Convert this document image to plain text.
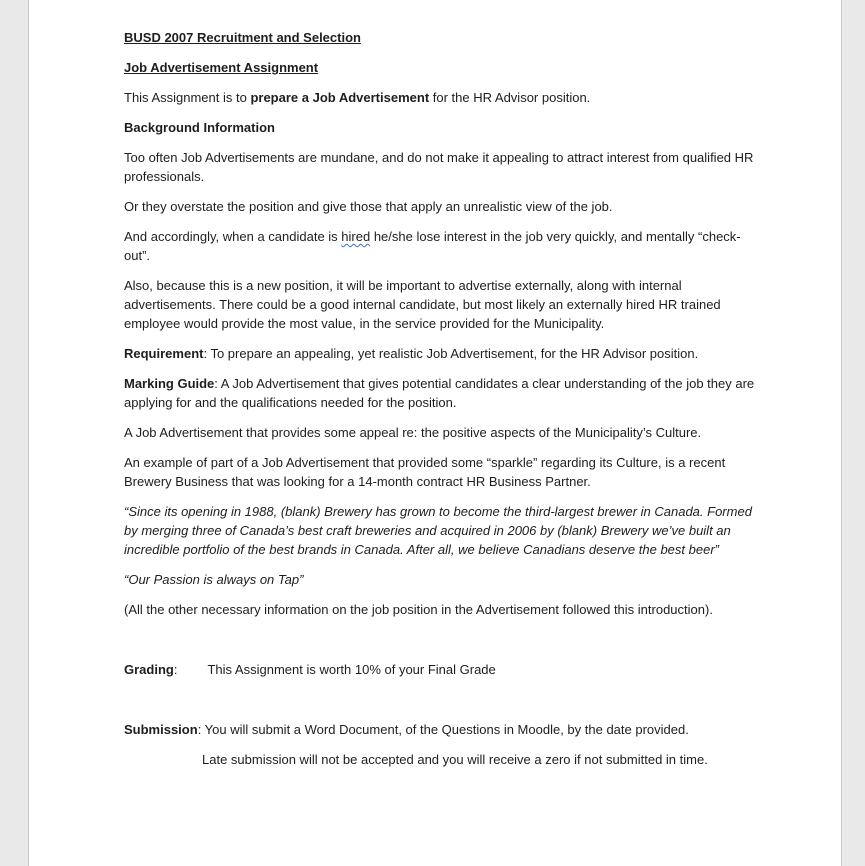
BUSD 2007 Recruitment and Selection

Job Advertisement Assignment

This Assignment is to prepare a Job Advertisement for the HR Advisor position.

Background Information

Too often Job Advertisements are mundane, and do not make it appealing to attract interest from qualified HR professionals.

Or they overstate the position and give those that apply an unrealistic view of the job.

And accordingly, when a candidate is hired he/she lose interest in the job very quickly, and mentally “check-out”.

Also, because this is a new position, it will be important to advertise externally, along with internal advertisements. There could be a good internal candidate, but most likely an externally hired HR trained employee would provide the most value, in the service provided for the Municipality.

Requirement: To prepare an appealing, yet realistic Job Advertisement, for the HR Advisor position.

Marking Guide: A Job Advertisement that gives potential candidates a clear understanding of the job they are applying for and the qualifications needed for the position.

A Job Advertisement that provides some appeal re: the positive aspects of the Municipality’s Culture.

An example of part of a Job Advertisement that provided some “sparkle” regarding its Culture, is a recent Brewery Business that was looking for a 14-month contract HR Business Partner.

“Since its opening in 1988, (blank) Brewery has grown to become the third-largest brewer in Canada. Formed by merging three of Canada’s best craft breweries and acquired in 2006 by (blank) Brewery we’ve built an incredible portfolio of the best brands in Canada. After all, we believe Canadians deserve the best beer”

“Our Passion is always on Tap”

(All the other necessary information on the job position in the Advertisement followed this introduction).

Grading: This Assignment is worth 10% of your Final Grade

Submission: You will submit a Word Document, of the Questions in Moodle, by the date provided.

Late submission will not be accepted and you will receive a zero if not submitted in time.
